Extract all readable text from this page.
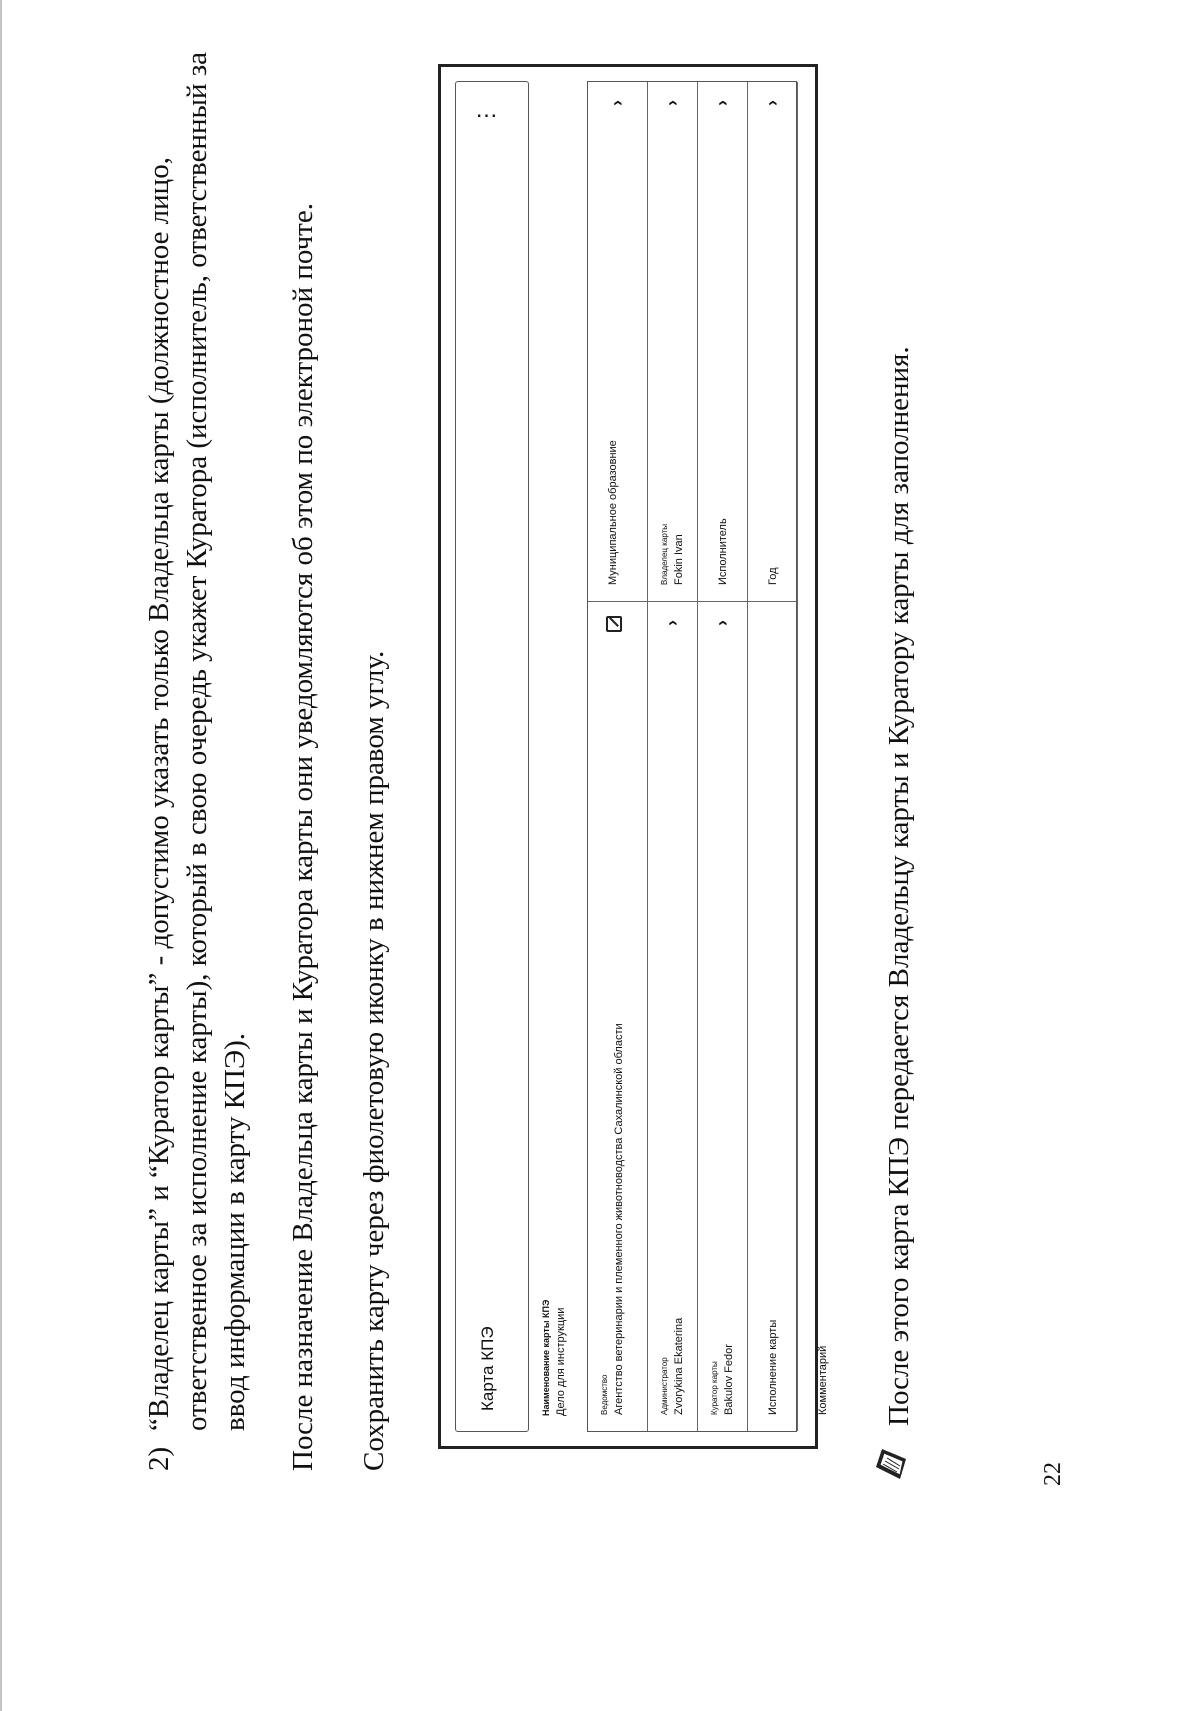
2)“Владелец карты” и “Куратор карты” - допустимо указать только Владельца карты (должностное лицо, ответственное за исполнение карты), который в свою очередь укажет Куратора (исполнитель, ответственный за ввод информации в карту КПЭ). После назначение Владельца карты и Куратора карты они уведомляются об этом по электроной почте. Сохранить карту через фиолетовую иконку в нижнем правом углу.	Карта КПЭ
⋯
Наименование карты КПЭ Дело для инструкции	Ведомство Агентство ветеринарии и племенного животноводства Сахалинской области
Муниципальное образовние
›
Администратор Zvorykina Ekaterina
›
Владелец карты Fokin Ivan
›
Куратор карты Bakulov Fedor
›
Исполнитель
›
Исполнение карты
Год
›
Комментарий После этого карта КПЭ передается Владельцу карты и Куратору карты для заполнения.

22
